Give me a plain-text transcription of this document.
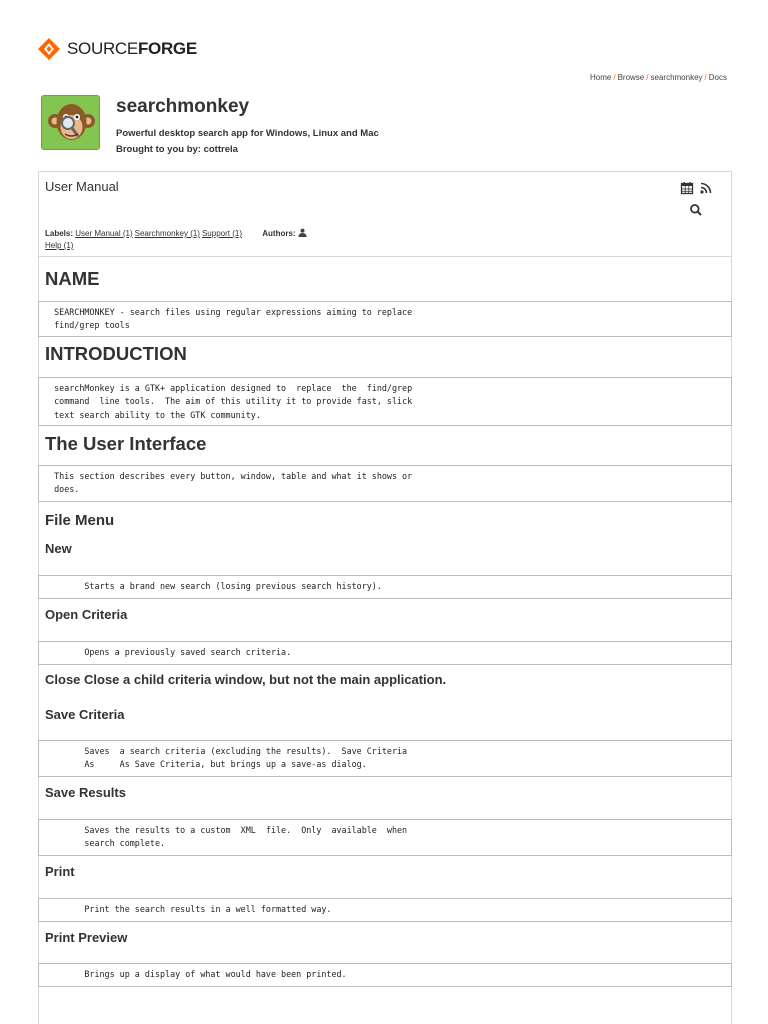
SOURCEFORGE
Home / Browse / searchmonkey / Docs
searchmonkey
Powerful desktop search app for Windows, Linux and Mac
Brought to you by: cottrela
User Manual
Labels: User Manual (1) Searchmonkey (1) Support (1)	Authors:
Help (1)
NAME
SEARCHMONKEY - search files using regular expressions aiming to replace
find/grep tools
INTRODUCTION
searchMonkey is a GTK+ application designed to  replace  the  find/grep
command  line tools.  The aim of this utility it to provide fast, slick
text search ability to the GTK community.
The User Interface
This section describes every button, window, table and what it shows or
does.
File Menu
New
Starts a brand new search (losing previous search history).
Open Criteria
Opens a previously saved search criteria.
Close Close a child criteria window, but not the main application.
Save Criteria
Saves  a search criteria (excluding the results).  Save Criteria
As     As Save Criteria, but brings up a save-as dialog.
Save Results
Saves the results to a custom  XML  file.  Only  available  when
search complete.
Print
Print the search results in a well formatted way.
Print Preview
Brings up a display of what would have been printed.
